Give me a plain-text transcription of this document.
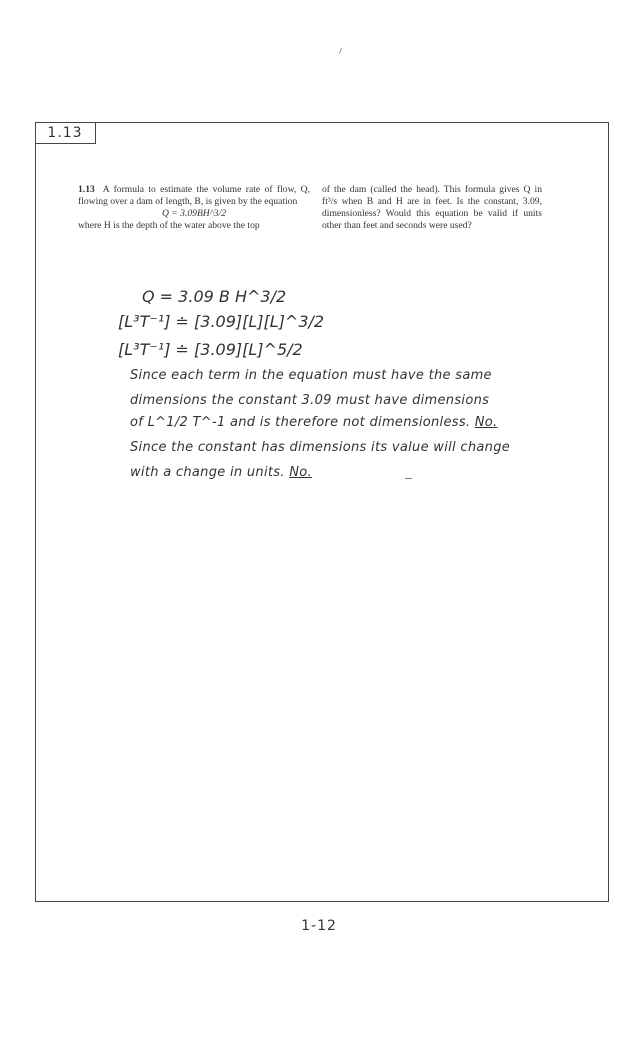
1.13

1.13 A formula to estimate the volume rate of flow, Q, flowing over a dam of length, B, is given by the equation

Q = 3.09BH^3/2

where H is the depth of the water above the top

of the dam (called the head). This formula gives Q in ft³/s when B and H are in feet. Is the constant, 3.09, dimensionless? Would this equation be valid if units other than feet and seconds were used?

Q = 3.09 B H^3/2
[L³T⁻¹] ≐ [3.09][L][L]^3/2
[L³T⁻¹] ≐ [3.09][L]^5/2
Since each term in the equation must have the same
dimensions the constant 3.09 must have dimensions
of L^1/2 T^-1 and is therefore not dimensionless. No.
Since the constant has dimensions its value will change
with a change in units. No.
1-12
